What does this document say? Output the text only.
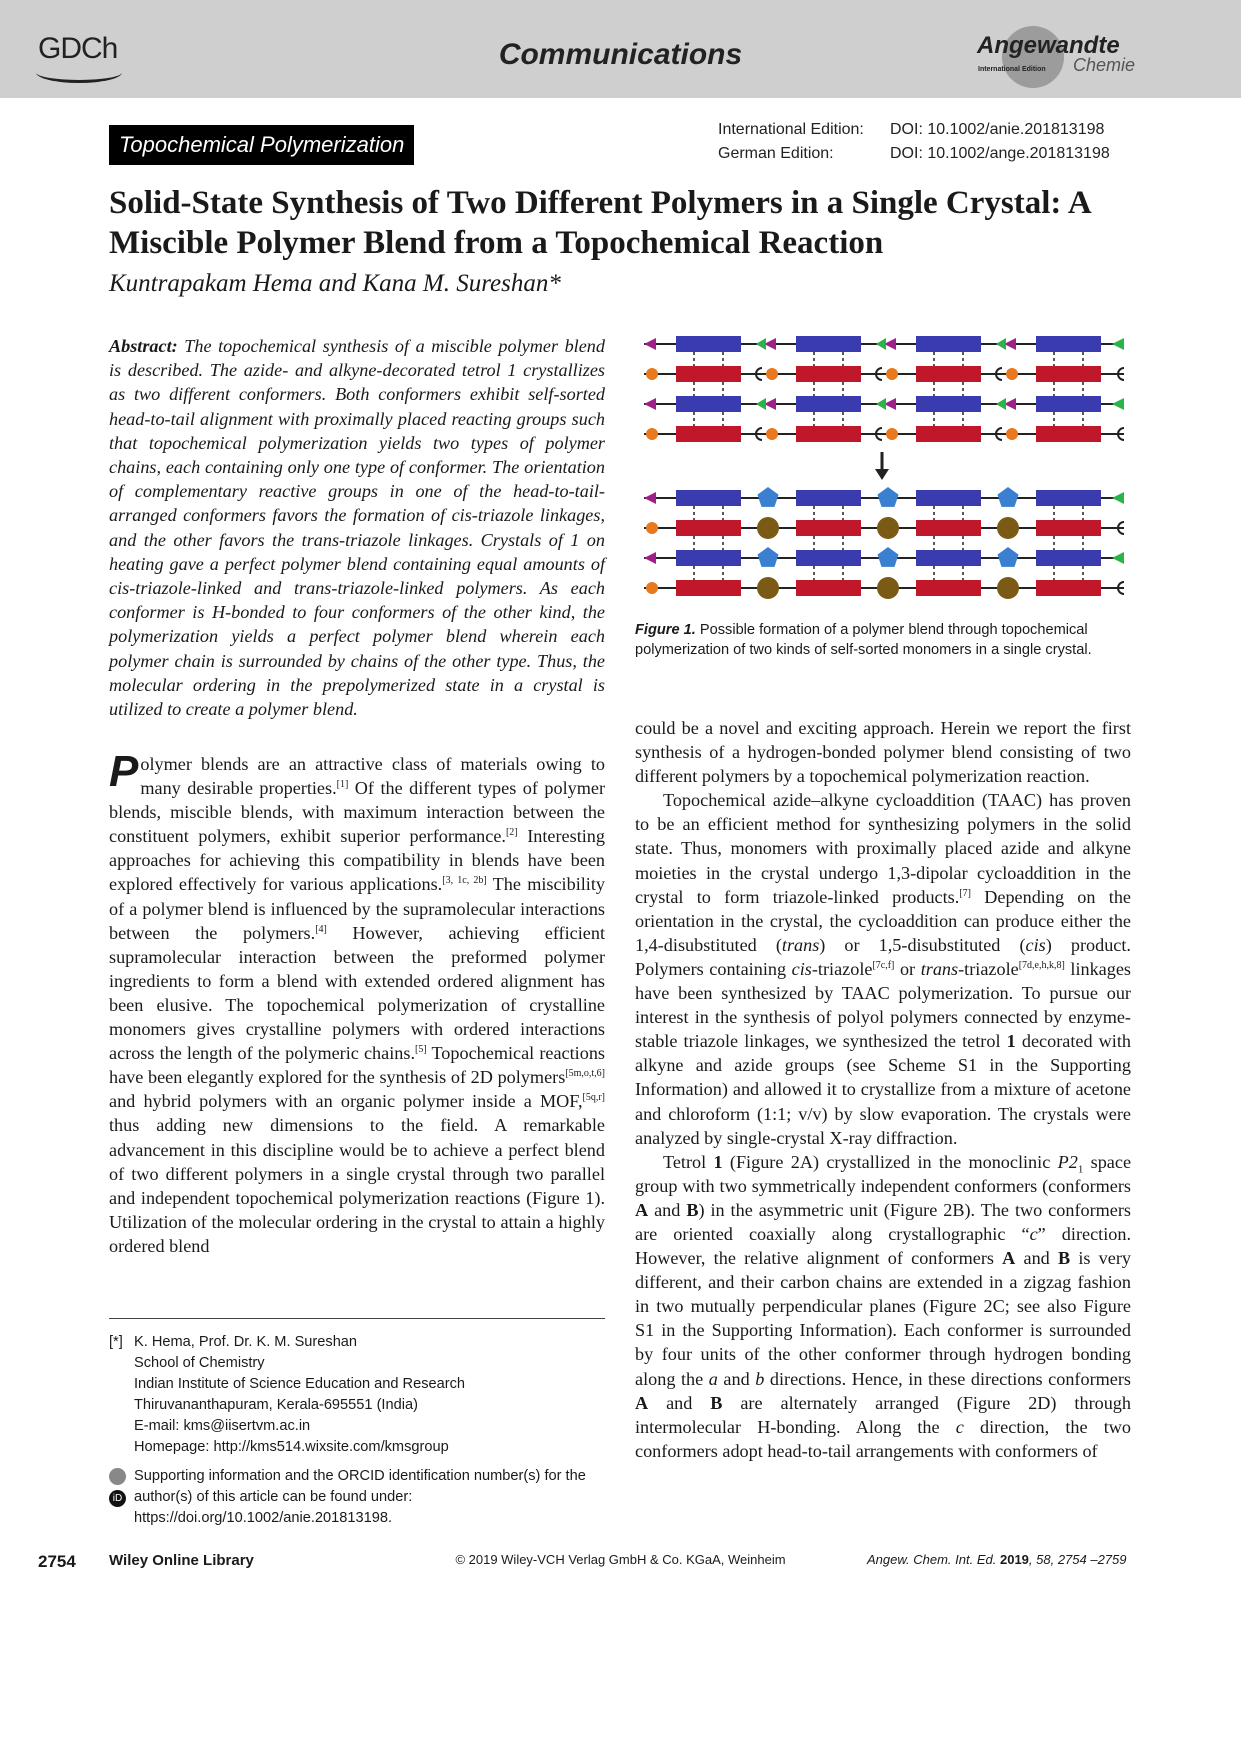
GDCh	Communications	Angewandte
Chemie
International Edition
Topochemical Polymerization
International Edition: DOI: 10.1002/anie.201813198
German Edition:	DOI: 10.1002/ange.201813198
Solid-State Synthesis of Two Different Polymers in a Single Crystal: A Miscible Polymer Blend from a Topochemical Reaction
Kuntrapakam Hema and Kana M. Sureshan*
Abstract: The topochemical synthesis of a miscible polymer blend is described. The azide- and alkyne-decorated tetrol 1 crystallizes as two different conformers. Both conformers exhibit self-sorted head-to-tail alignment with proximally placed reacting groups such that topochemical polymerization yields two types of polymer chains, each containing only one type of conformer. The orientation of complementary reactive groups in one of the head-to-tail-arranged conformers favors the formation of cis-triazole linkages, and the other favors the trans-triazole linkages. Crystals of 1 on heating gave a perfect polymer blend containing equal amounts of cis-triazole-linked and trans-triazole-linked polymers. As each conformer is H-bonded to four conformers of the other kind, the polymerization yields a perfect polymer blend wherein each polymer chain is surrounded by chains of the other type. Thus, the molecular ordering in the prepolymerized state in a crystal is utilized to create a polymer blend.
Figure 1. Possible formation of a polymer blend through topochemical polymerization of two kinds of self-sorted monomers in a single crystal.

Polymer blends are an attractive class of materials owing to many desirable properties.[1] Of the different types of polymer blends, miscible blends, with maximum interaction between the constituent polymers, exhibit superior performance.[2] Interesting approaches for achieving this compatibility in blends have been explored effectively for various applications.[3, 1c, 2b] The miscibility of a polymer blend is influenced by the supramolecular interactions between the polymers.[4] However, achieving efficient supramolecular interaction between the preformed polymer ingredients to form a blend with extended ordered alignment has been elusive. The topochemical polymerization of crystalline monomers gives crystalline polymers with ordered interactions across the length of the polymeric chains.[5] Topochemical reactions have been elegantly explored for the synthesis of 2D polymers[5m,o,t,6] and hybrid polymers with an organic polymer inside a MOF,[5q,r] thus adding new dimensions to the field. A remarkable advancement in this discipline would be to achieve a perfect blend of two different polymers in a single crystal through two parallel and independent topochemical polymerization reactions (Figure 1). Utilization of the molecular ordering in the crystal to attain a highly ordered blend

could be a novel and exciting approach. Herein we report the first synthesis of a hydrogen-bonded polymer blend consisting of two different polymers by a topochemical polymerization reaction.

Topochemical azide–alkyne cycloaddition (TAAC) has proven to be an efficient method for synthesizing polymers in the solid state. Thus, monomers with proximally placed azide and alkyne moieties in the crystal undergo 1,3-dipolar cycloaddition in the crystal to form triazole-linked products.[7] Depending on the orientation in the crystal, the cycloaddition can produce either the 1,4-disubstituted (trans) or 1,5-disubstituted (cis) product. Polymers containing cis-triazole[7c,f] or trans-triazole[7d,e,h,k,8] linkages have been synthesized by TAAC polymerization. To pursue our interest in the synthesis of polyol polymers connected by enzyme-stable triazole linkages, we synthesized the tetrol 1 decorated with alkyne and azide groups (see Scheme S1 in the Supporting Information) and allowed it to crystallize from a mixture of acetone and chloroform (1:1; v/v) by slow evaporation. The crystals were analyzed by single-crystal X-ray diffraction.

Tetrol 1 (Figure 2A) crystallized in the monoclinic $P2_1$ space group with two symmetrically independent conformers (conformers A and B) in the asymmetric unit (Figure 2B). The two conformers are oriented coaxially along crystallographic “c” direction. However, the relative alignment of conformers A and B is very different, and their carbon chains are extended in a zigzag fashion in two mutually perpendicular planes (Figure 2C; see also Figure S1 in the Supporting Information). Each conformer is surrounded by four units of the other conformer through hydrogen bonding along the a and b directions. Hence, in these directions conformers A and B are alternately arranged (Figure 2D) through intermolecular H-bonding. Along the c direction, the two conformers adopt head-to-tail arrangements with conformers of

[*] K. Hema, Prof. Dr. K. M. Sureshan
School of Chemistry
Indian Institute of Science Education and Research
Thiruvananthapuram, Kerala-695551 (India)
E-mail: kms@iisertvm.ac.in
Homepage: http://kms514.wixsite.com/kmsgroup
iD
Supporting information and the ORCID identification number(s) for the author(s) of this article can be found under: https://doi.org/10.1002/anie.201813198.
2754 Wiley Online Library	© 2019 Wiley-VCH Verlag GmbH & Co. KGaA, Weinheim	Angew. Chem. Int. Ed. 2019, 58, 2754 –2759
